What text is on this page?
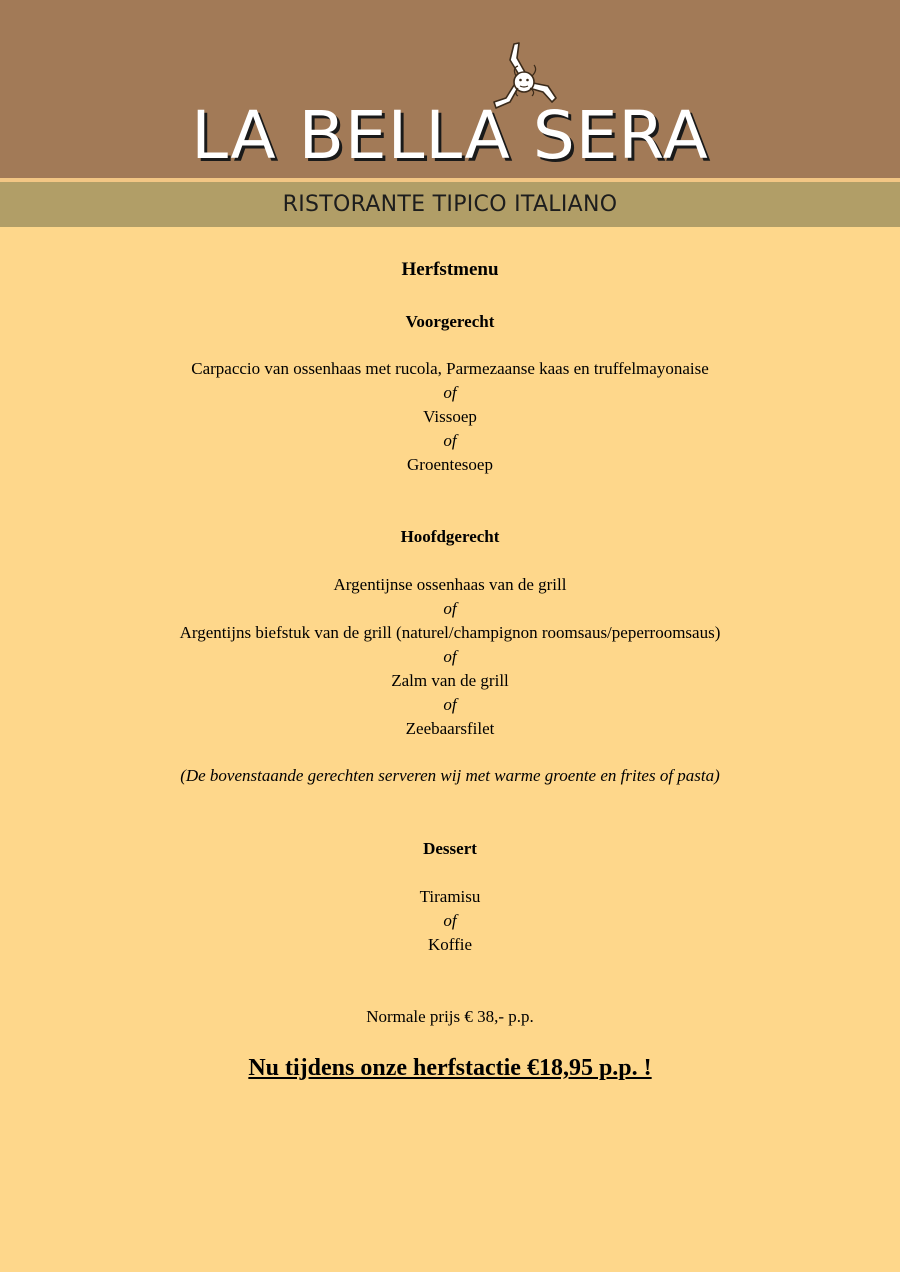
LA BELLA SERA
RISTORANTE TIPICO ITALIANO
Herfstmenu
Voorgerecht
Carpaccio van ossenhaas met rucola, Parmezaanse kaas en truffelmayonaise
of
Vissoep
of
Groentesoep
Hoofdgerecht
Argentijnse ossenhaas van de grill
of
Argentijns biefstuk van de grill (naturel/champignon roomsaus/peperroomsaus)
of
Zalm van de grill
of
Zeebaarsfilet
(De bovenstaande gerechten serveren wij met warme groente en frites of pasta)
Dessert
Tiramisu
of
Koffie
Normale prijs € 38,- p.p.
Nu tijdens onze herfstactie €18,95 p.p. !
